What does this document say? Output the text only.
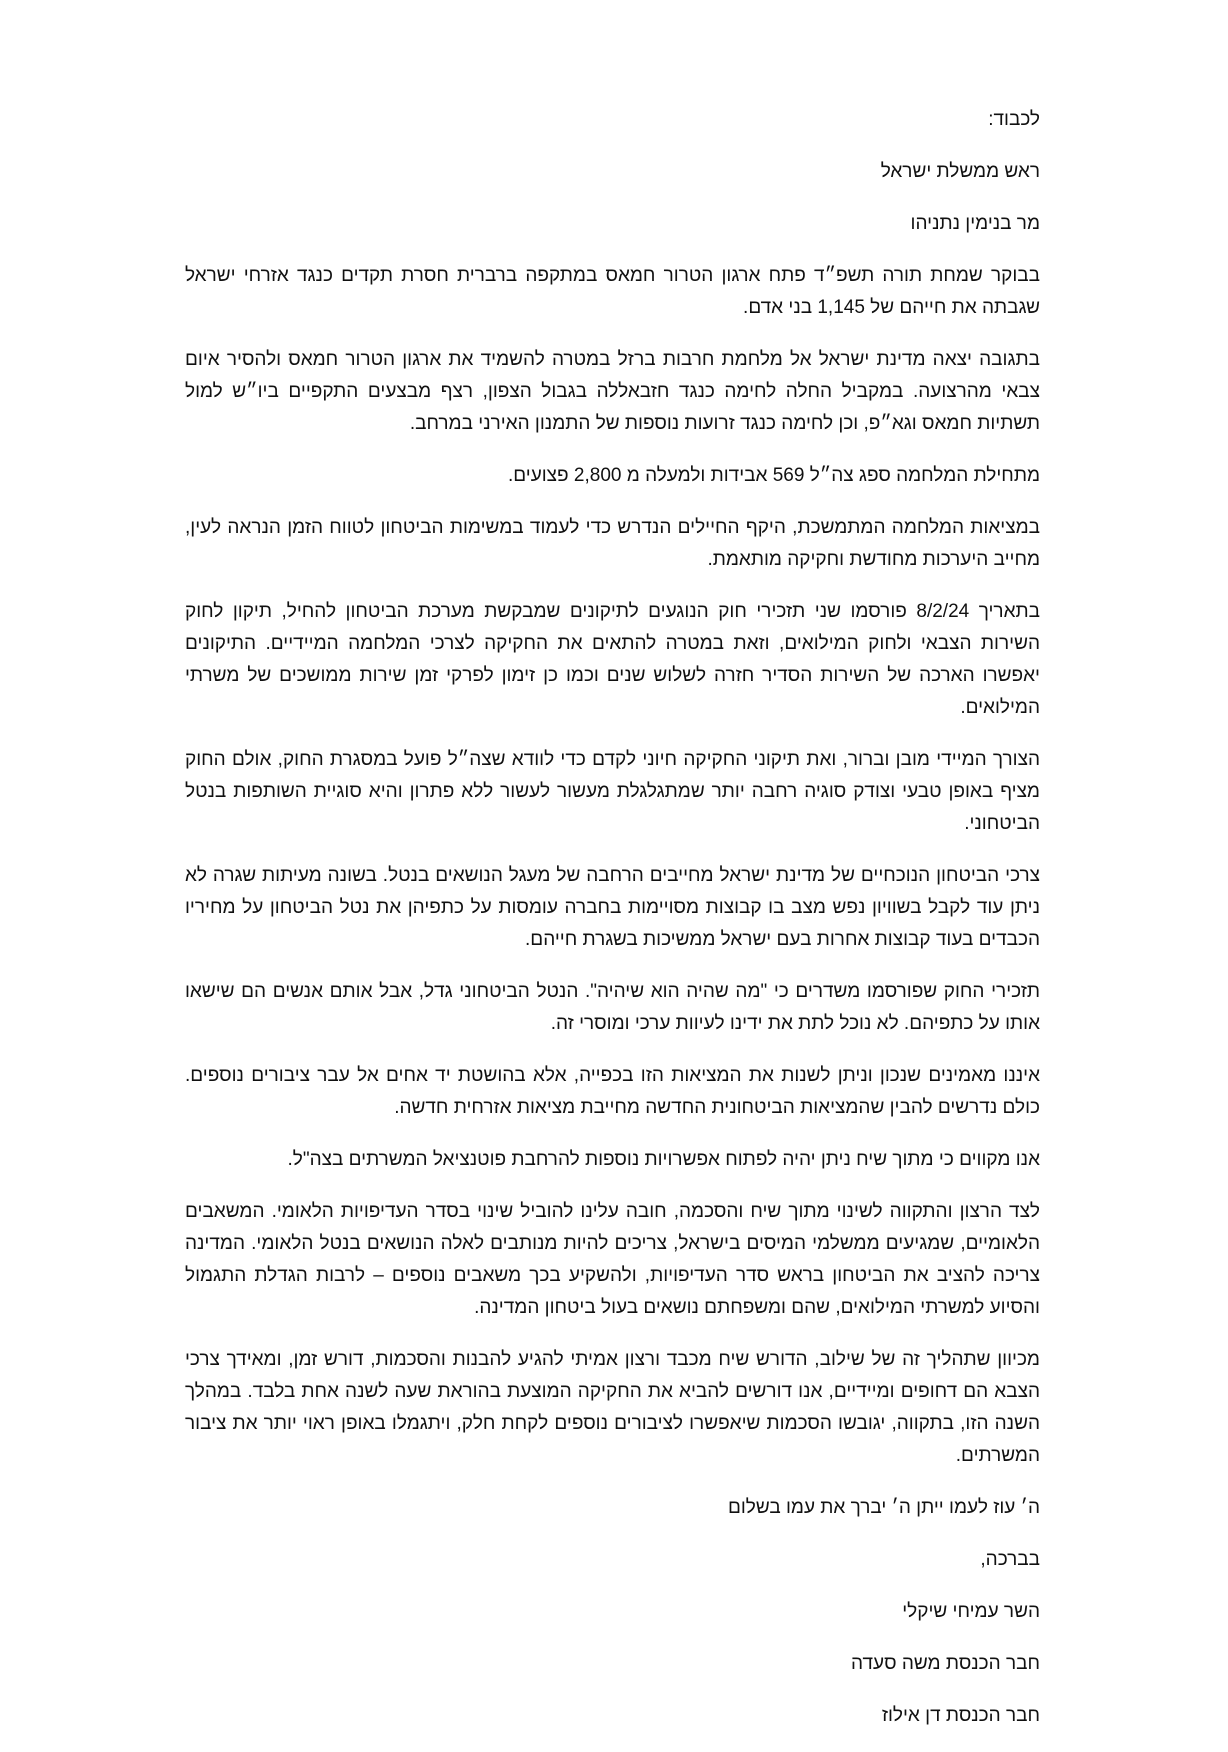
לכבוד:

ראש ממשלת ישראל

מר בנימין נתניהו

בבוקר שמחת תורה תשפ״ד פתח ארגון הטרור חמאס במתקפה ברברית חסרת תקדים כנגד אזרחי ישראל שגבתה את חייהם של 1,145 בני אדם.

בתגובה יצאה מדינת ישראל אל מלחמת חרבות ברזל במטרה להשמיד את ארגון הטרור חמאס ולהסיר איום צבאי מהרצועה. במקביל החלה לחימה כנגד חזבאללה בגבול הצפון, רצף מבצעים התקפיים ביו״ש למול תשתיות חמאס וגא״פ, וכן לחימה כנגד זרועות נוספות של התמנון האירני במרחב.

מתחילת המלחמה ספג צה״ל 569 אבידות ולמעלה מ 2,800 פצועים.

במציאות המלחמה המתמשכת, היקף החיילים הנדרש כדי לעמוד במשימות הביטחון לטווח הזמן הנראה לעין, מחייב היערכות מחודשת וחקיקה מותאמת.

בתאריך 8/2/24 פורסמו שני תזכירי חוק הנוגעים לתיקונים שמבקשת מערכת הביטחון להחיל, תיקון לחוק השירות הצבאי ולחוק המילואים, וזאת במטרה להתאים את החקיקה לצרכי המלחמה המיידיים. התיקונים יאפשרו הארכה של השירות הסדיר חזרה לשלוש שנים וכמו כן זימון לפרקי זמן שירות ממושכים של משרתי המילואים.

הצורך המיידי מובן וברור, ואת תיקוני החקיקה חיוני לקדם כדי לוודא שצה״ל פועל במסגרת החוק, אולם החוק מציף באופן טבעי וצודק סוגיה רחבה יותר שמתגלגלת מעשור לעשור ללא פתרון והיא סוגיית השותפות בנטל הביטחוני.

צרכי הביטחון הנוכחיים של מדינת ישראל מחייבים הרחבה של מעגל הנושאים בנטל. בשונה מעיתות שגרה לא ניתן עוד לקבל בשוויון נפש מצב בו קבוצות מסויימות בחברה עומסות על כתפיהן את נטל הביטחון על מחיריו הכבדים בעוד קבוצות אחרות בעם ישראל ממשיכות בשגרת חייהם.

תזכירי החוק שפורסמו משדרים כי "מה שהיה הוא שיהיה". הנטל הביטחוני גדל, אבל אותם אנשים הם שישאו אותו על כתפיהם. לא נוכל לתת את ידינו לעיוות ערכי ומוסרי זה.

איננו מאמינים שנכון וניתן לשנות את המציאות הזו בכפייה, אלא בהושטת יד אחים אל עבר ציבורים נוספים. כולם נדרשים להבין שהמציאות הביטחונית החדשה מחייבת מציאות אזרחית חדשה.

אנו מקווים כי מתוך שיח ניתן יהיה לפתוח אפשרויות נוספות להרחבת פוטנציאל המשרתים בצה"ל.

לצד הרצון והתקווה לשינוי מתוך שיח והסכמה, חובה עלינו להוביל שינוי בסדר העדיפויות הלאומי. המשאבים הלאומיים, שמגיעים ממשלמי המיסים בישראל, צריכים להיות מנותבים לאלה הנושאים בנטל הלאומי. המדינה צריכה להציב את הביטחון בראש סדר העדיפויות, ולהשקיע בכך משאבים נוספים – לרבות הגדלת התגמול והסיוע למשרתי המילואים, שהם ומשפחתם נושאים בעול ביטחון המדינה.

מכיוון שתהליך זה של שילוב, הדורש שיח מכבד ורצון אמיתי להגיע להבנות והסכמות, דורש זמן, ומאידך צרכי הצבא הם דחופים ומיידיים, אנו דורשים להביא את החקיקה המוצעת בהוראת שעה לשנה אחת בלבד. במהלך השנה הזו, בתקווה, יגובשו הסכמות שיאפשרו לציבורים נוספים לקחת חלק, ויתגמלו באופן ראוי יותר את ציבור המשרתים.

ה׳ עוז לעמו ייתן ה׳ יברך את עמו בשלום

בברכה,

השר עמיחי שיקלי

חבר הכנסת משה סעדה

חבר הכנסת דן אילוז
